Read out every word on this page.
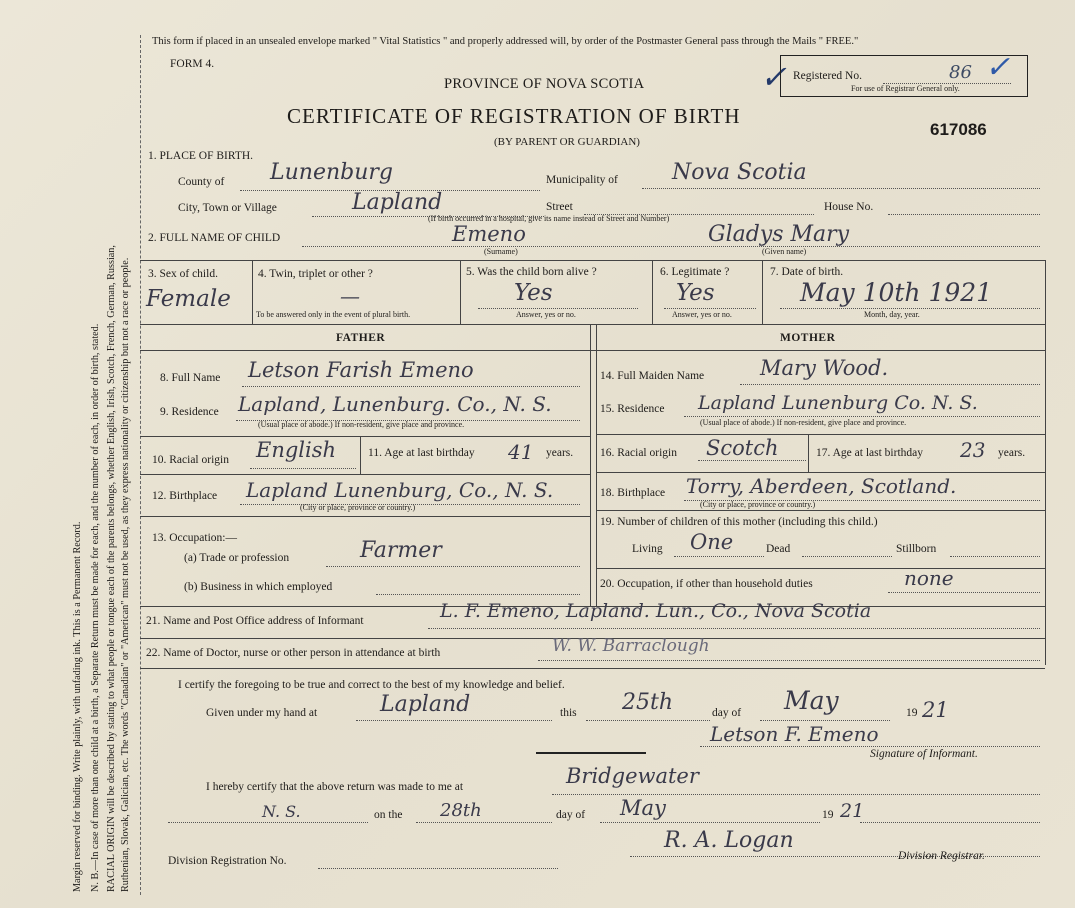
Margin reserved for binding. Write plainly, with unfading ink. This is a Permanent Record. N. B.—In case of more than one child at a birth, a Separate Return must be made for each, and the number of each, in order of birth, stated. RACIAL ORIGIN will be described by stating to what people or tongue each of the parents belongs, whether English, Irish, Scotch, French, German, Russian, Ruthenian, Slovak, Galician, etc. The words "Canadian" or "American" must not be used, as they express nationality or citizenship but not a race or people.
This form if placed in an unsealed envelope marked " Vital Statistics " and properly addressed will, by order of the Postmaster General pass through the Mails " FREE."
FORM 4.
PROVINCE OF NOVA SCOTIA
CERTIFICATE OF REGISTRATION OF BIRTH
(BY PARENT OR GUARDIAN)
617086
✓ Registered No.	86
For use of Registrar General only.
✓
1. PLACE OF BIRTH.
County of Lunenburg	Municipality of Nova Scotia
City, Town or Village	Lapland	Street	House No.
(If birth occurred in a hospital, give its name instead of Street and Number)
2. FULL NAME OF CHILD	Emeno
(Surname)
Gladys Mary
(Given name)
3. Sex of child.
Female
4. Twin, triplet or other ?
—
To be answered only in the event of plural birth.
5. Was the child born alive ?
Yes
Answer, yes or no.
6. Legitimate ?
Yes
Answer, yes or no.
7. Date of birth.
May 10th 1921
Month, day, year.
FATHER	MOTHER
8. Full Name Letson Farish Emeno
9. Residence Lapland, Lunenburg. Co., N. S.
(Usual place of abode.) If non-resident, give place and province.
10. Racial origin English	11. Age at last birthday 41 years.
12. Birthplace Lapland Lunenburg, Co., N. S.
(City or place, province or country.)
13. Occupation:—
(a) Trade or profession	Farmer
(b) Business in which employed
14. Full Maiden Name	Mary Wood.
15. Residence Lapland Lunenburg Co. N. S.
(Usual place of abode.) If non-resident, give place and province.
16. Racial origin Scotch	17. Age at last birthday 23 years.
18. Birthplace Torry, Aberdeen, Scotland.
(City or place, province or country.)
19. Number of children of this mother (including this child.)
Living One	Dead	Stillborn
20. Occupation, if other than household duties	none
21. Name and Post Office address of Informant	L. F. Emeno, Lapland. Lun., Co., Nova Scotia
22. Name of Doctor, nurse or other person in attendance at birth	W. W. Barraclough
I certify the foregoing to be true and correct to the best of my knowledge and belief.
Given under my hand at	Lapland	this 25th	day of May	19 21
Letson F. Emeno
Signature of Informant.
I hereby certify that the above return was made to me at	Bridgewater
N. S.	on the 28th	day of May	19 21
R. A. Logan
Division Registration No.	Division Registrar.
